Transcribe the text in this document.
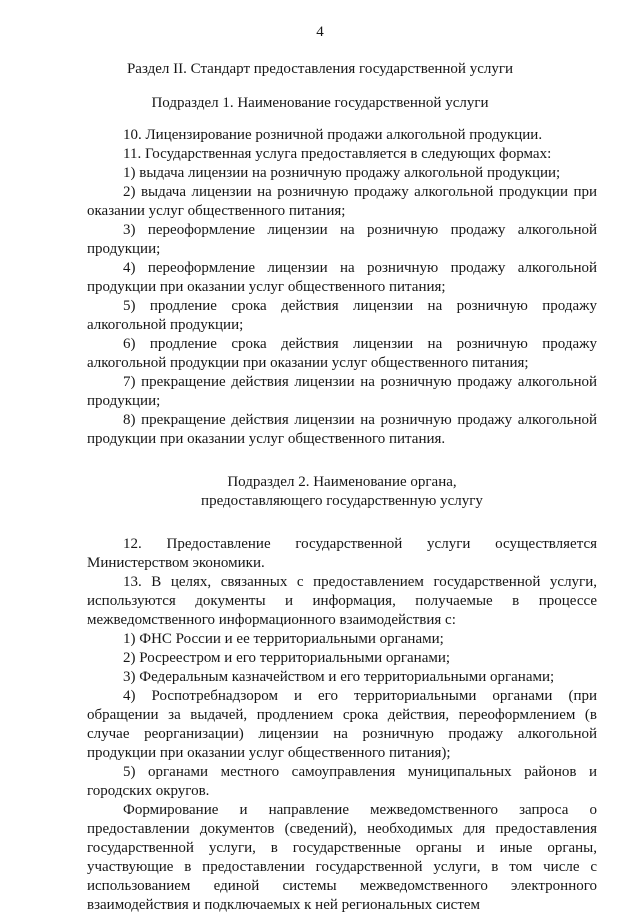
4
Раздел II. Стандарт предоставления государственной услуги
Подраздел 1. Наименование государственной услуги

10. Лицензирование розничной продажи алкогольной продукции.

11. Государственная услуга предоставляется в следующих формах:

1) выдача лицензии на розничную продажу алкогольной продукции;

2) выдача лицензии на розничную продажу алкогольной продукции при оказании услуг общественного питания;

3) переоформление лицензии на розничную продажу алкогольной продукции;

4) переоформление лицензии на розничную продажу алкогольной продукции при оказании услуг общественного питания;

5) продление срока действия лицензии на розничную продажу алкогольной продукции;

6) продление срока действия лицензии на розничную продажу алкогольной продукции при оказании услуг общественного питания;

7) прекращение действия лицензии на розничную продажу алкогольной продукции;

8) прекращение действия лицензии на розничную продажу алкогольной продукции при оказании услуг общественного питания.

Подраздел 2. Наименование органа,

предоставляющего государственную услугу

12. Предоставление государственной услуги осуществляется Министерством экономики.

13. В целях, связанных с предоставлением государственной услуги, используются документы и информация, получаемые в процессе межведомственного информационного взаимодействия с:

1) ФНС России и ее территориальными органами;

2) Росреестром и его территориальными органами;

3) Федеральным казначейством и его территориальными органами;

4) Роспотребнадзором и его территориальными органами (при обращении за выдачей, продлением срока действия, переоформлением (в случае реорганизации) лицензии на розничную продажу алкогольной продукции при оказании услуг общественного питания);

5) органами местного самоуправления муниципальных районов и городских округов.

Формирование и направление межведомственного запроса о предоставлении документов (сведений), необходимых для предоставления государственной услуги, в государственные органы и иные органы, участвующие в предоставлении государственной услуги, в том числе с использованием единой системы межведомственного электронного взаимодействия и подключаемых к ней региональных систем
